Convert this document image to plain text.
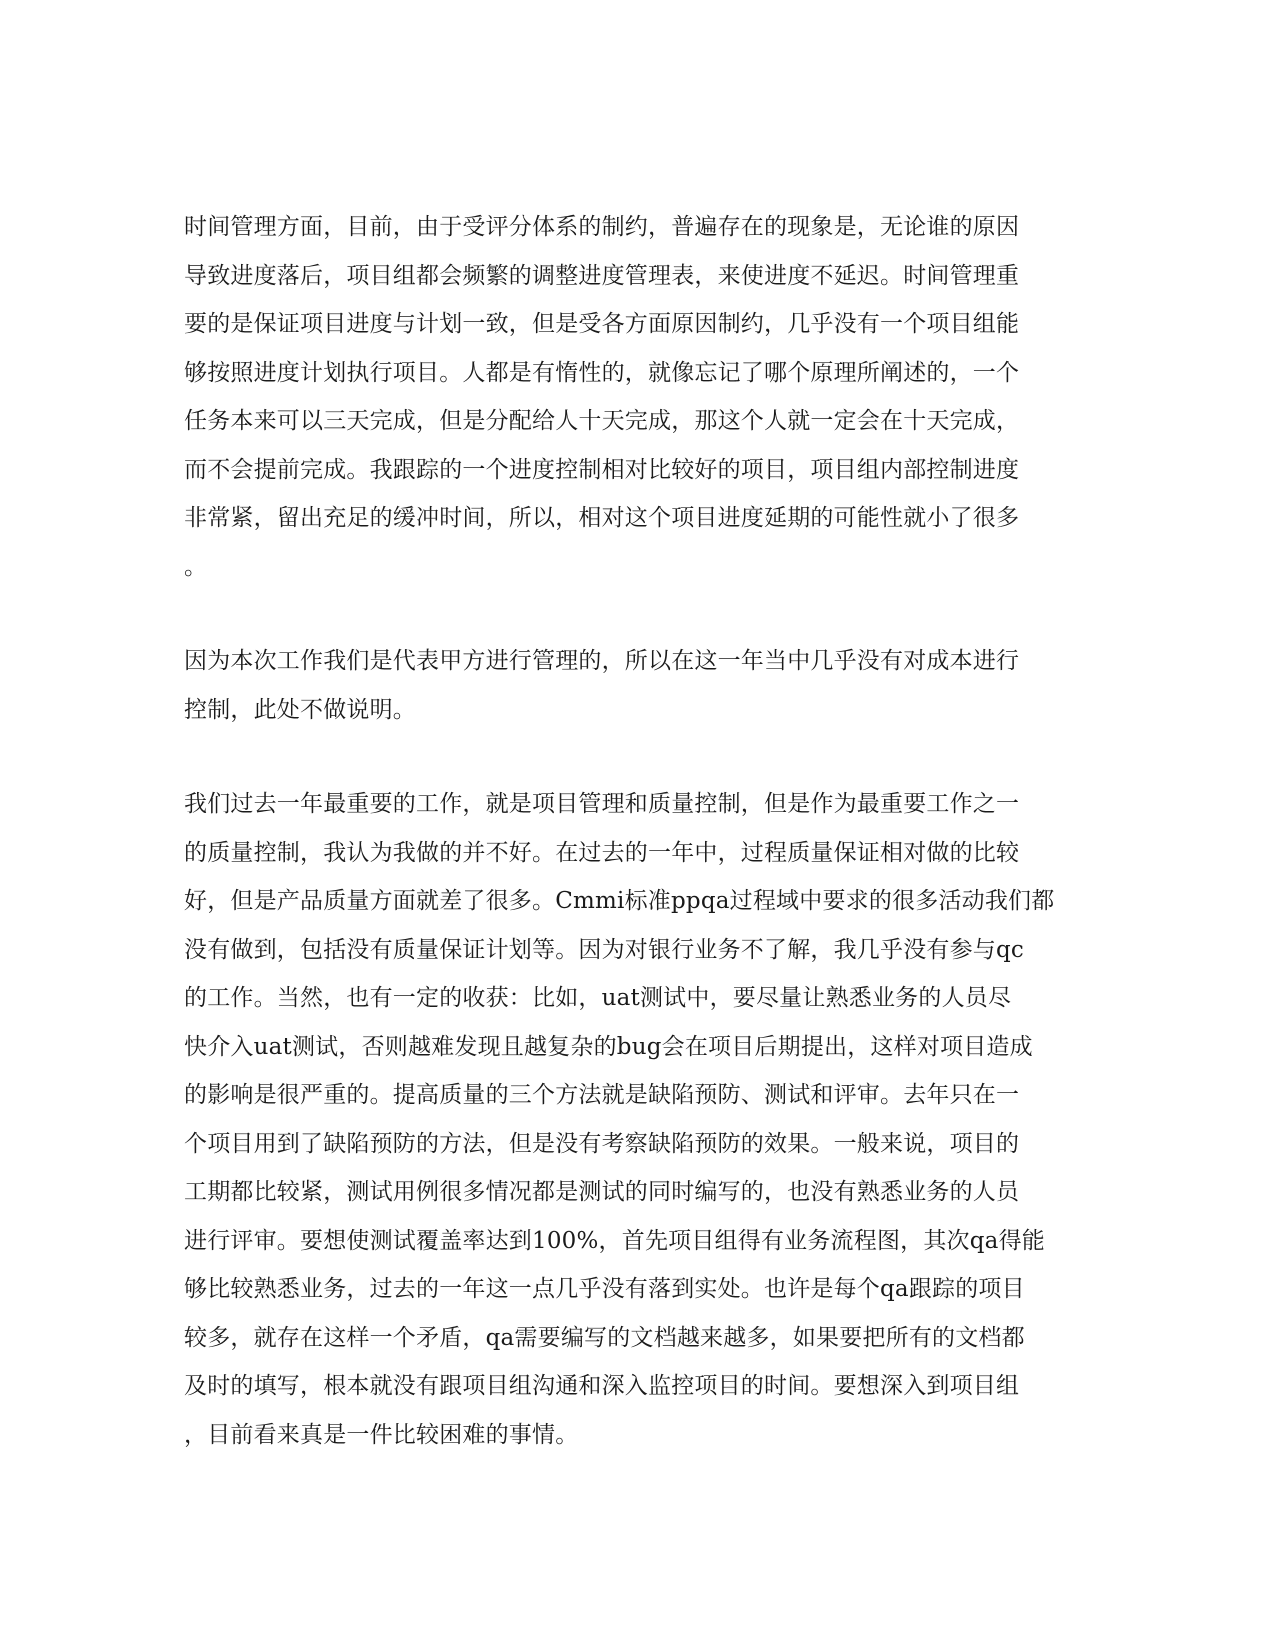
时间管理方面，目前，由于受评分体系的制约，普遍存在的现象是，无论谁的原因
导致进度落后，项目组都会频繁的调整进度管理表，来使进度不延迟。时间管理重
要的是保证项目进度与计划一致，但是受各方面原因制约，几乎没有一个项目组能
够按照进度计划执行项目。人都是有惰性的，就像忘记了哪个原理所阐述的，一个
任务本来可以三天完成，但是分配给人十天完成，那这个人就一定会在十天完成，
而不会提前完成。我跟踪的一个进度控制相对比较好的项目，项目组内部控制进度
非常紧，留出充足的缓冲时间，所以，相对这个项目进度延期的可能性就小了很多
。

因为本次工作我们是代表甲方进行管理的，所以在这一年当中几乎没有对成本进行
控制，此处不做说明。

我们过去一年最重要的工作，就是项目管理和质量控制，但是作为最重要工作之一
的质量控制，我认为我做的并不好。在过去的一年中，过程质量保证相对做的比较
好，但是产品质量方面就差了很多。Cmmi标准ppqa过程域中要求的很多活动我们都
没有做到，包括没有质量保证计划等。因为对银行业务不了解，我几乎没有参与qc
的工作。当然，也有一定的收获：比如，uat测试中，要尽量让熟悉业务的人员尽
快介入uat测试，否则越难发现且越复杂的bug会在项目后期提出，这样对项目造成
的影响是很严重的。提高质量的三个方法就是缺陷预防、测试和评审。去年只在一
个项目用到了缺陷预防的方法，但是没有考察缺陷预防的效果。一般来说，项目的
工期都比较紧，测试用例很多情况都是测试的同时编写的，也没有熟悉业务的人员
进行评审。要想使测试覆盖率达到100%，首先项目组得有业务流程图，其次qa得能
够比较熟悉业务，过去的一年这一点几乎没有落到实处。也许是每个qa跟踪的项目
较多，就存在这样一个矛盾，qa需要编写的文档越来越多，如果要把所有的文档都
及时的填写，根本就没有跟项目组沟通和深入监控项目的时间。要想深入到项目组
，目前看来真是一件比较困难的事情。
